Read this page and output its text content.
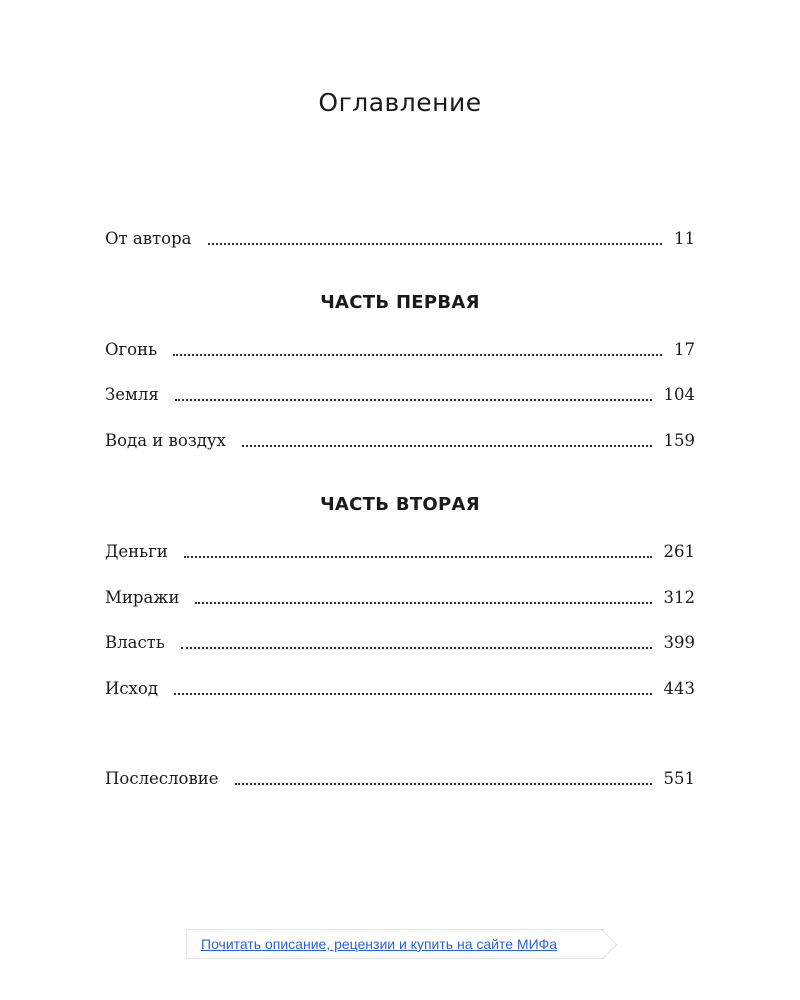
Оглавление
От автора	11
ЧАСТЬ ПЕРВАЯ
Огонь	17
Земля	104
Вода и воздух	159
ЧАСТЬ ВТОРАЯ
Деньги	261
Миражи	312
Власть	399
Исход	443
Послесловие	551
Почитать описание, рецензии и купить на сайте МИФа
